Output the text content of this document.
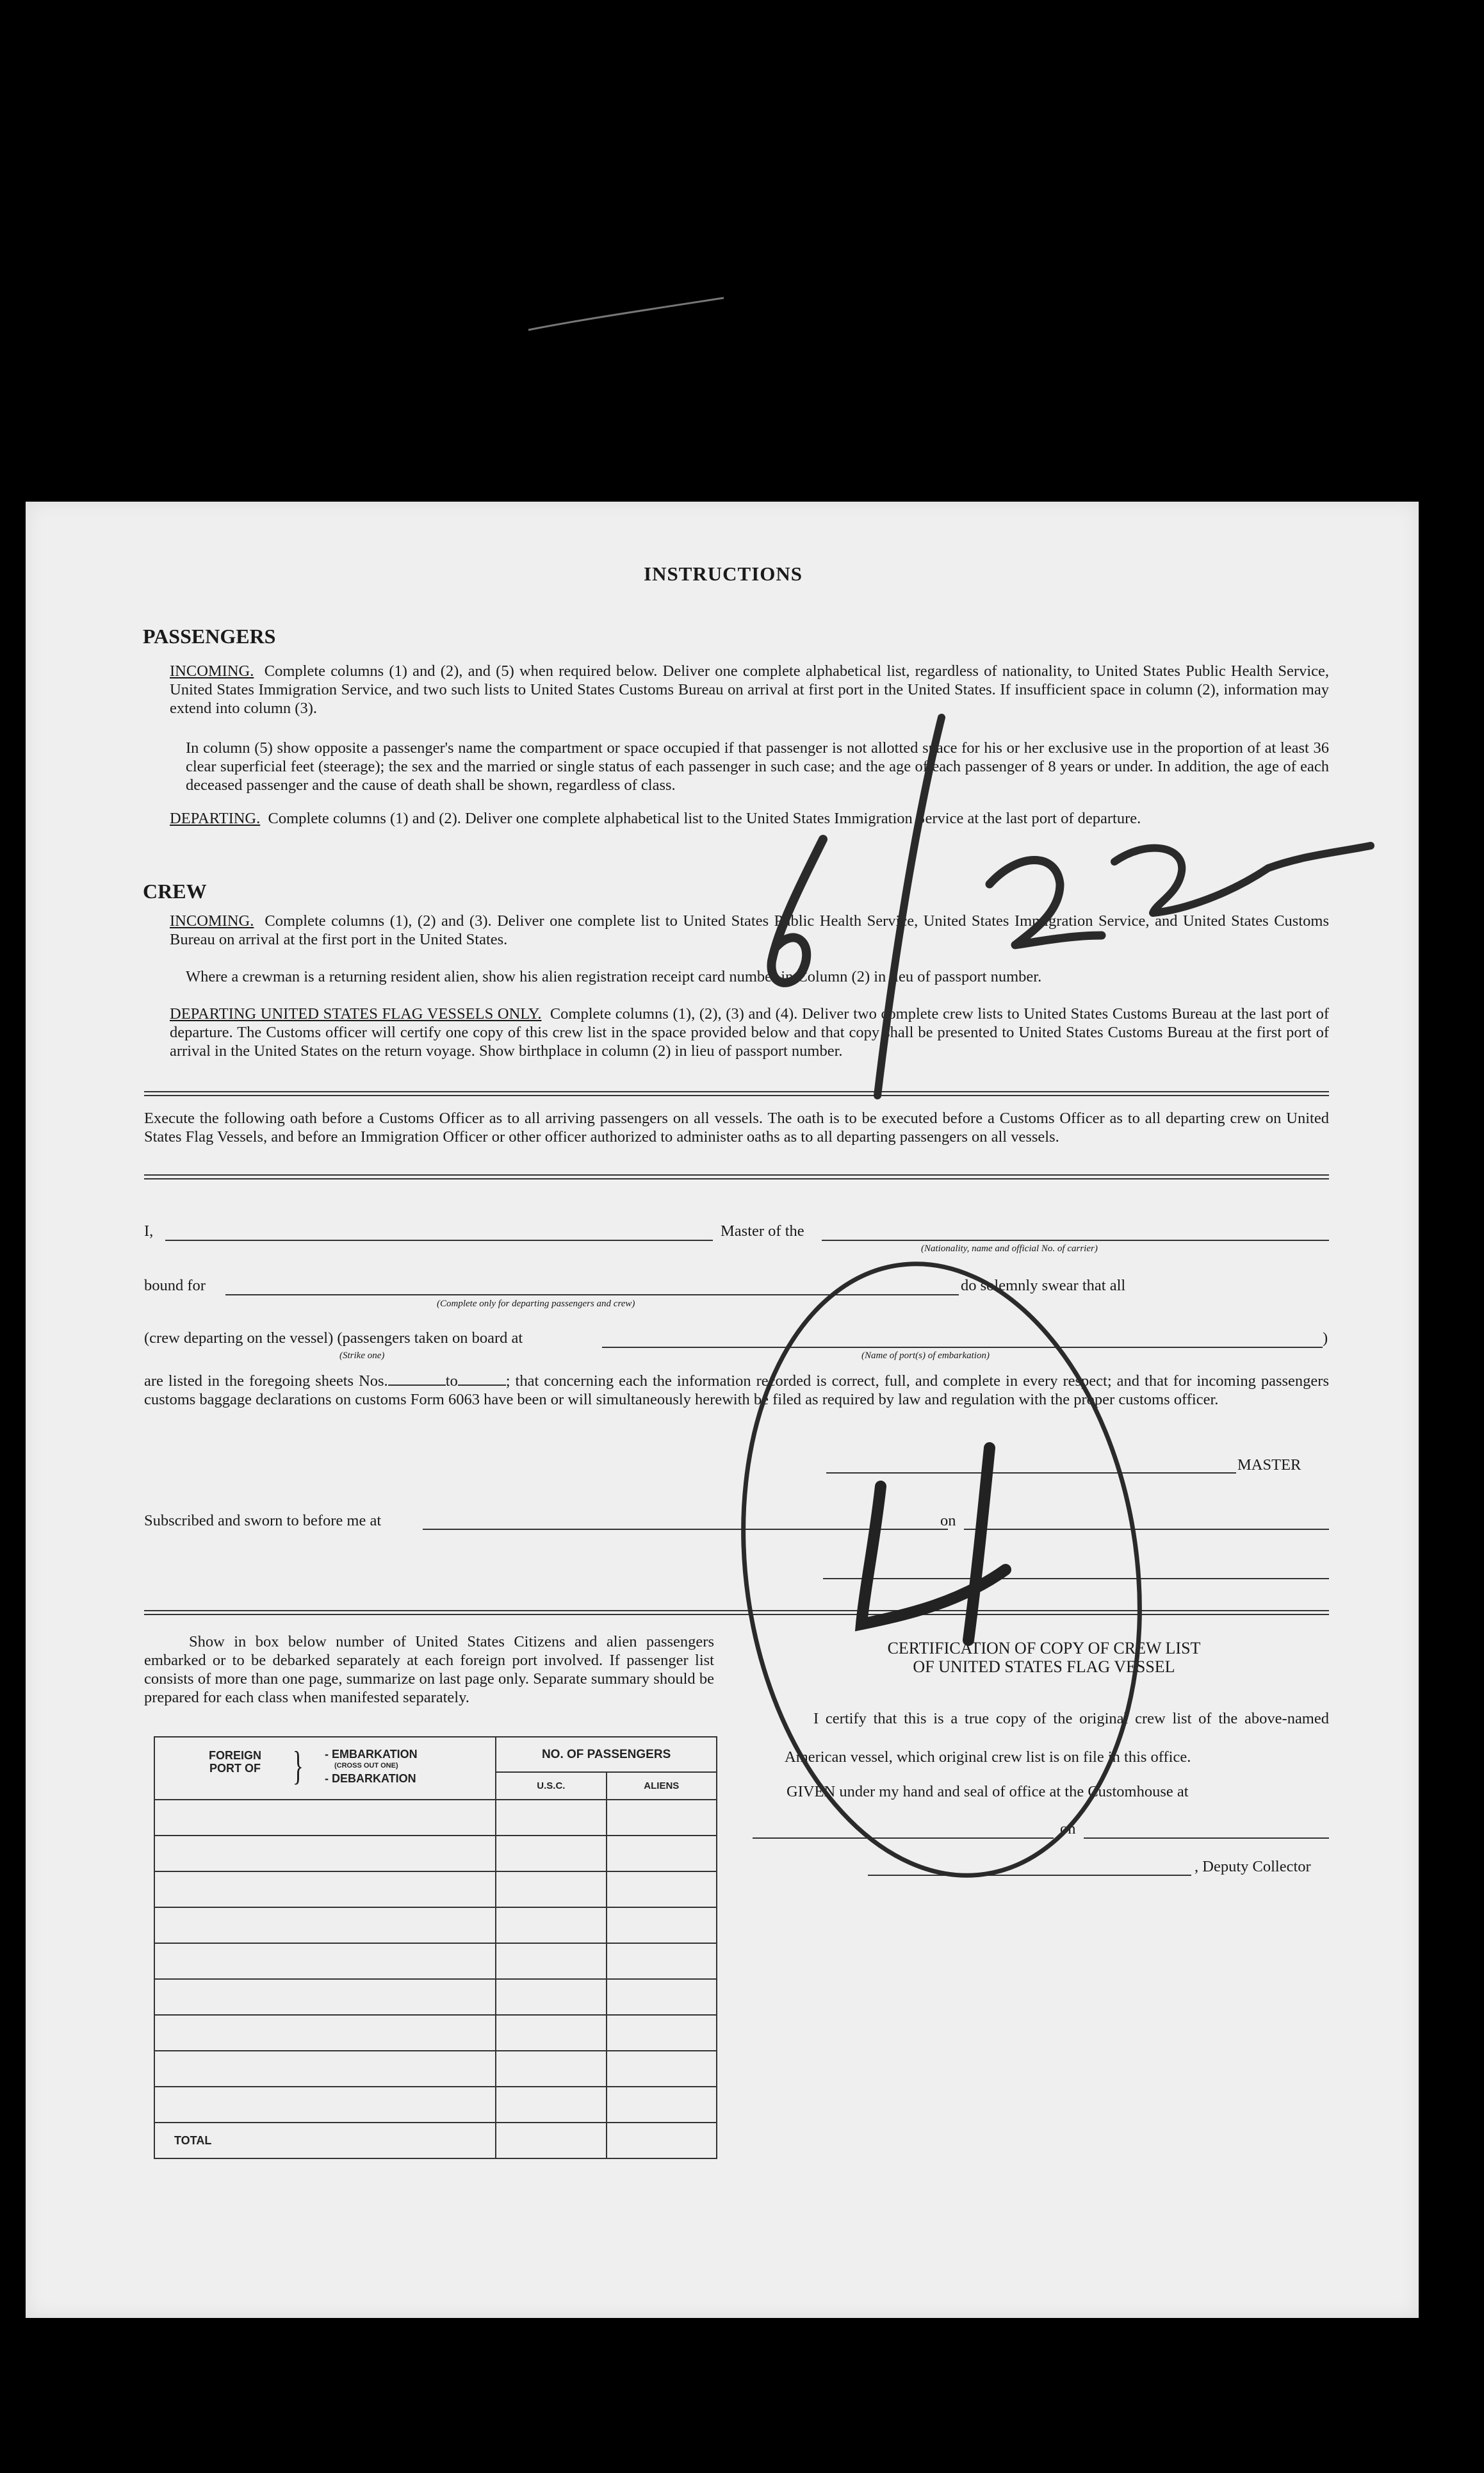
INSTRUCTIONS
PASSENGERS
INCOMING. Complete columns (1) and (2), and (5) when required below. Deliver one complete alphabetical list, regardless of nationality, to United States Public Health Service, United States Immigration Service, and two such lists to United States Customs Bureau on arrival at first port in the United States. If insufficient space in column (2), information may extend into column (3).
In column (5) show opposite a passenger's name the compartment or space occupied if that passenger is not allotted space for his or her exclusive use in the proportion of at least 36 clear superficial feet (steerage); the sex and the married or single status of each passenger in such case; and the age of each passenger of 8 years or under. In addition, the age of each deceased passenger and the cause of death shall be shown, regardless of class.
DEPARTING. Complete columns (1) and (2). Deliver one complete alphabetical list to the United States Immigration Service at the last port of departure.
CREW
INCOMING. Complete columns (1), (2) and (3). Deliver one complete list to United States Public Health Service, United States Immigration Service, and United States Customs Bureau on arrival at the first port in the United States.
Where a crewman is a returning resident alien, show his alien registration receipt card number in Column (2) in lieu of passport number.
DEPARTING UNITED STATES FLAG VESSELS ONLY. Complete columns (1), (2), (3) and (4). Deliver two complete crew lists to United States Customs Bureau at the last port of departure. The Customs officer will certify one copy of this crew list in the space provided below and that copy shall be presented to United States Customs Bureau at the first port of arrival in the United States on the return voyage. Show birthplace in column (2) in lieu of passport number.
Execute the following oath before a Customs Officer as to all arriving passengers on all vessels. The oath is to be executed before a Customs Officer as to all departing crew on United States Flag Vessels, and before an Immigration Officer or other officer authorized to administer oaths as to all departing passengers on all vessels.
I,	Master of the
(Nationality, name and official No. of carrier)
bound for
(Complete only for departing passengers and crew)
do solemnly swear that all
(crew departing on the vessel) (passengers taken on board at	)
(Strike one)	(Name of port(s) of embarkation)
are listed in the foregoing sheets Nos.	to	; that concerning each the information recorded is correct, full, and complete in every respect; and that for incoming passengers customs baggage declarations on customs Form 6063 have been or will simultaneously herewith be filed as required by law and regulation with the proper customs officer.
MASTER
Subscribed and sworn to before me at	on
Show in box below number of United States Citizens and alien passengers embarked or to be debarked separately at each foreign port involved. If passenger list consists of more than one page, summarize on last page only. Separate summary should be prepared for each class when manifested separately.
FOREIGN PORT OF } - EMBARKATION
(CROSS OUT ONE)
- DEBARKATION	NO. OF PASSENGERS	
	U.S.C.	ALIENS

TOTAL		
CERTIFICATION OF COPY OF CREW LIST
OF UNITED STATES FLAG VESSEL
I certify that this is a true copy of the original crew list of the above-named American vessel, which original crew list is on file in this office.
GIVEN under my hand and seal of office at the Customhouse at
on
, Deputy Collector
